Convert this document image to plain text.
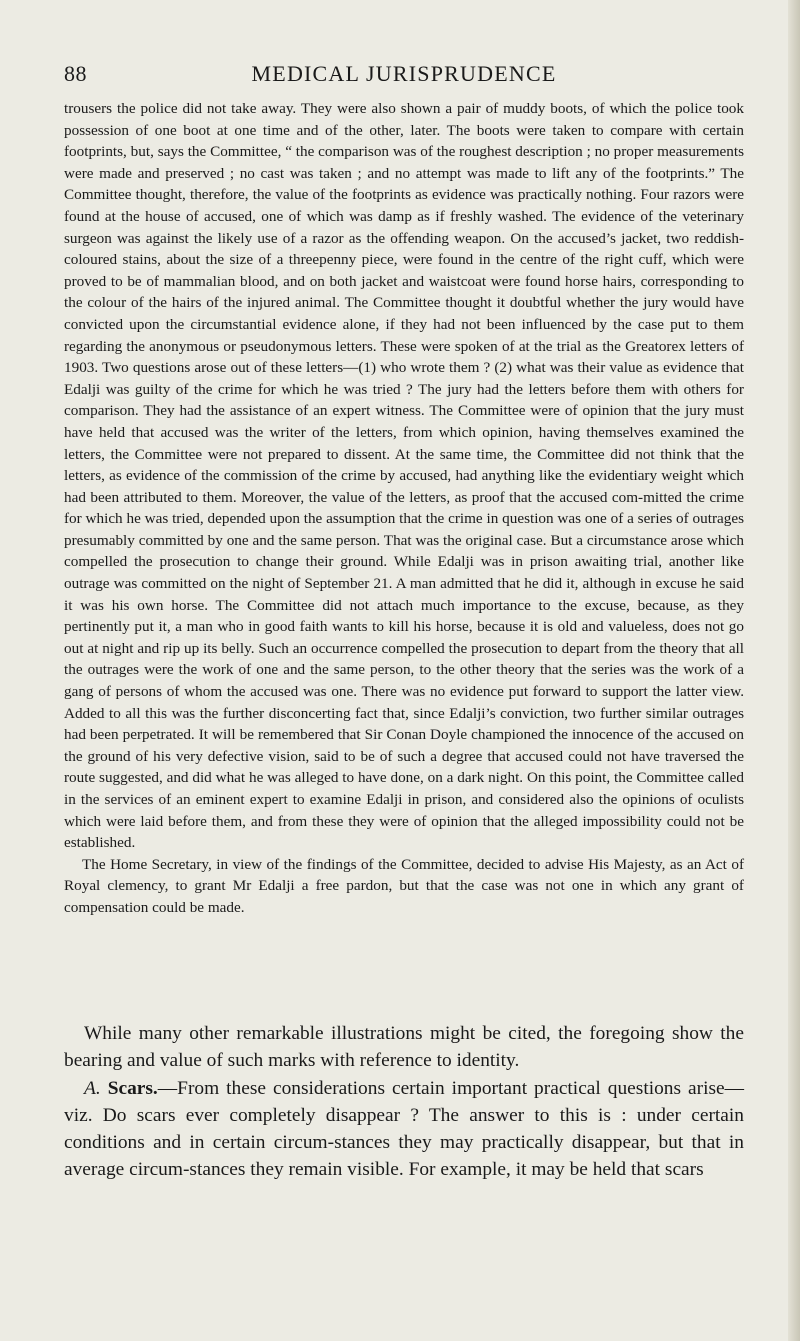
88	MEDICAL JURISPRUDENCE

trousers the police did not take away. They were also shown a pair of muddy boots, of which the police took possession of one boot at one time and of the other, later. The boots were taken to compare with certain footprints, but, says the Committee, “ the comparison was of the roughest description ; no proper measurements were made and preserved ; no cast was taken ; and no attempt was made to lift any of the footprints.” The Committee thought, therefore, the value of the footprints as evidence was practically nothing. Four razors were found at the house of accused, one of which was damp as if freshly washed. The evidence of the veterinary surgeon was against the likely use of a razor as the offending weapon. On the accused’s jacket, two reddish-coloured stains, about the size of a threepenny piece, were found in the centre of the right cuff, which were proved to be of mammalian blood, and on both jacket and waistcoat were found horse hairs, corresponding to the colour of the hairs of the injured animal. The Committee thought it doubtful whether the jury would have convicted upon the circumstantial evidence alone, if they had not been influenced by the case put to them regarding the anonymous or pseudonymous letters. These were spoken of at the trial as the Greatorex letters of 1903. Two questions arose out of these letters—(1) who wrote them ? (2) what was their value as evidence that Edalji was guilty of the crime for which he was tried ? The jury had the letters before them with others for comparison. They had the assistance of an expert witness. The Committee were of opinion that the jury must have held that accused was the writer of the letters, from which opinion, having themselves examined the letters, the Committee were not prepared to dissent. At the same time, the Committee did not think that the letters, as evidence of the commission of the crime by accused, had anything like the evidentiary weight which had been attributed to them. Moreover, the value of the letters, as proof that the accused com-mitted the crime for which he was tried, depended upon the assumption that the crime in question was one of a series of outrages presumably committed by one and the same person. That was the original case. But a circumstance arose which compelled the prosecution to change their ground. While Edalji was in prison awaiting trial, another like outrage was committed on the night of September 21. A man admitted that he did it, although in excuse he said it was his own horse. The Committee did not attach much importance to the excuse, because, as they pertinently put it, a man who in good faith wants to kill his horse, because it is old and valueless, does not go out at night and rip up its belly. Such an occurrence compelled the prosecution to depart from the theory that all the outrages were the work of one and the same person, to the other theory that the series was the work of a gang of persons of whom the accused was one. There was no evidence put forward to support the latter view. Added to all this was the further disconcerting fact that, since Edalji’s conviction, two further similar outrages had been perpetrated. It will be remembered that Sir Conan Doyle championed the innocence of the accused on the ground of his very defective vision, said to be of such a degree that accused could not have traversed the route suggested, and did what he was alleged to have done, on a dark night. On this point, the Committee called in the services of an eminent expert to examine Edalji in prison, and considered also the opinions of oculists which were laid before them, and from these they were of opinion that the alleged impossibility could not be established.

The Home Secretary, in view of the findings of the Committee, decided to advise His Majesty, as an Act of Royal clemency, to grant Mr Edalji a free pardon, but that the case was not one in which any grant of compensation could be made.

While many other remarkable illustrations might be cited, the foregoing show the bearing and value of such marks with reference to identity.

A. Scars.—From these considerations certain important practical questions arise—viz. Do scars ever completely disappear ? The answer to this is : under certain conditions and in certain circum-stances they may practically disappear, but that in average circum-stances they remain visible. For example, it may be held that scars
